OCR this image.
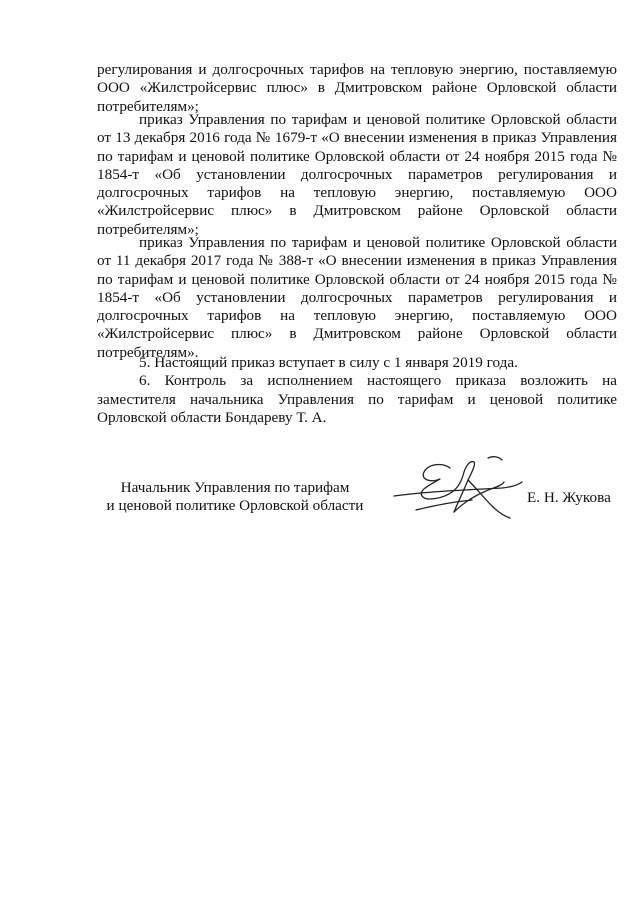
регулирования и долгосрочных тарифов на тепловую энергию, поставляемую ООО «Жилстройсервис плюс» в Дмитровском районе Орловской области потребителям»;

приказ Управления по тарифам и ценовой политике Орловской области от 13 декабря 2016 года № 1679-т «О внесении изменения в приказ Управления по тарифам и ценовой политике Орловской области от 24 ноября 2015 года № 1854-т «Об установлении долгосрочных параметров регулирования и долгосрочных тарифов на тепловую энергию, поставляемую ООО «Жилстройсервис плюс» в Дмитровском районе Орловской области потребителям»;

приказ Управления по тарифам и ценовой политике Орловской области от 11 декабря 2017 года № 388-т «О внесении изменения в приказ Управления по тарифам и ценовой политике Орловской области от 24 ноября 2015 года № 1854-т «Об установлении долгосрочных параметров регулирования и долгосрочных тарифов на тепловую энергию, поставляемую ООО «Жилстройсервис плюс» в Дмитровском районе Орловской области потребителям».

5. Настоящий приказ вступает в силу с 1 января 2019 года.

6. Контроль за исполнением настоящего приказа возложить на заместителя начальника Управления по тарифам и ценовой политике Орловской области Бондареву Т. А.

Начальник Управления по тарифам
и ценовой политике Орловской области	Е. Н. Жукова
